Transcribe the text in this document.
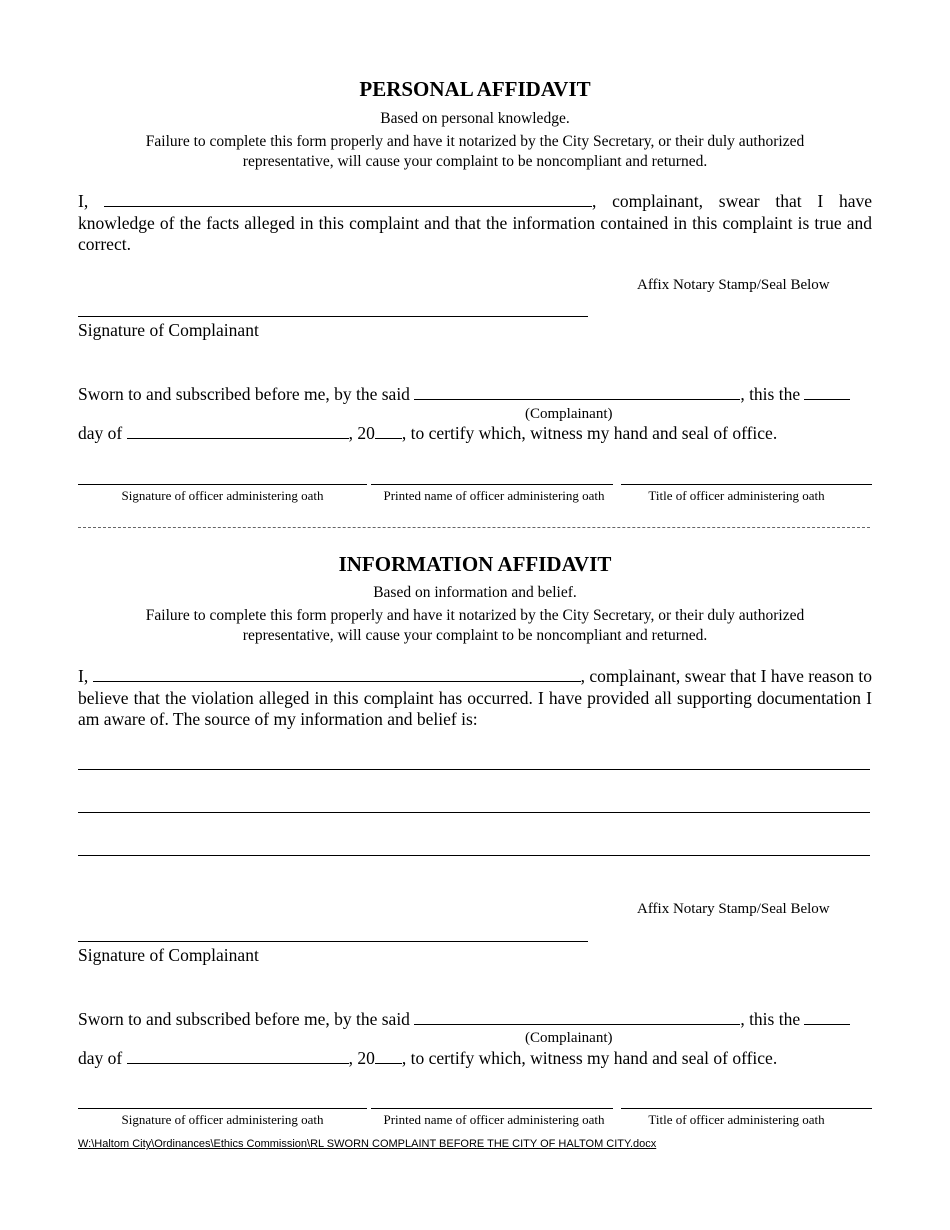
PERSONAL AFFIDAVIT
Based on personal knowledge.
Failure to complete this form properly and have it notarized by the City Secretary, or their duly authorized
representative, will cause your complaint to be noncompliant and returned.
I,	, complainant, swear that I have knowledge of the facts alleged in this complaint and that the information contained in this complaint is true and correct.
Affix Notary Stamp/Seal Below
Signature of Complainant
Sworn to and subscribed before me, by the said	, this the
(Complainant)
day of	, 20 , to certify which, witness my hand and seal of office.
Signature of officer administering oath	Printed name of officer administering oath	Title of officer administering oath
INFORMATION AFFIDAVIT
Based on information and belief.
Failure to complete this form properly and have it notarized by the City Secretary, or their duly authorized
representative, will cause your complaint to be noncompliant and returned.
I,	, complainant, swear that I have reason to believe that the violation alleged in this complaint has occurred. I have provided all supporting documentation I am aware of. The source of my information and belief is:
Affix Notary Stamp/Seal Below
Signature of Complainant
Sworn to and subscribed before me, by the said	, this the
(Complainant)
day of	, 20 , to certify which, witness my hand and seal of office.
Signature of officer administering oath	Printed name of officer administering oath	Title of officer administering oath
W:\Haltom City\Ordinances\Ethics Commission\RL SWORN COMPLAINT BEFORE THE CITY OF HALTOM CITY.docx
